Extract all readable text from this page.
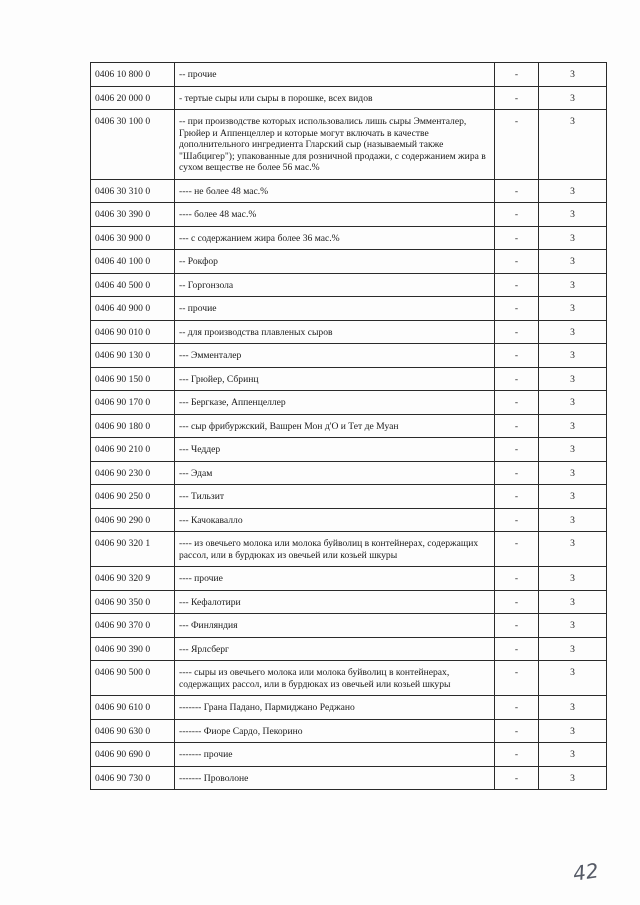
0406 10 800 0	-- прочие	-	3
0406 20 000 0	- тертые сыры или сыры в порошке, всех видов	-	3
0406 30 100 0	-- при производстве которых использовались лишь сыры Эмменталер, Грюйер и Аппенцеллер и которые могут включать в качестве дополнительного ингредиента Гларский сыр (называемый также "Шабцигер"); упакованные для розничной продажи, с содержанием жира в сухом веществе не более 56 мас.%	-	3
0406 30 310 0	---- не более 48 мас.%	-	3
0406 30 390 0	---- более 48 мас.%	-	3
0406 30 900 0	--- с содержанием жира более 36 мас.%	-	3
0406 40 100 0	-- Рокфор	-	3
0406 40 500 0	-- Горгонзола	-	3
0406 40 900 0	-- прочие	-	3
0406 90 010 0	-- для производства плавленых сыров	-	3
0406 90 130 0	--- Эмменталер	-	3
0406 90 150 0	--- Грюйер, Сбринц	-	3
0406 90 170 0	--- Бергказе, Аппенцеллер	-	3
0406 90 180 0	--- сыр фрибуржский, Вашрен Мон д'О и Тет де Муан	-	3
0406 90 210 0	--- Чеддер	-	3
0406 90 230 0	--- Эдам	-	3
0406 90 250 0	--- Тильзит	-	3
0406 90 290 0	--- Качокавалло	-	3
0406 90 320 1	---- из овечьего молока или молока буйволиц в контейнерах, содержащих рассол, или в бурдюках из овечьей или козьей шкуры	-	3
0406 90 320 9	---- прочие	-	3
0406 90 350 0	--- Кефалотири	-	3
0406 90 370 0	--- Финляндия	-	3
0406 90 390 0	--- Ярлсберг	-	3
0406 90 500 0	---- сыры из овечьего молока или молока буйволиц в контейнерах, содержащих рассол, или в бурдюках из овечьей или козьей шкуры	-	3
0406 90 610 0	------- Грана Падано, Пармиджано Реджано	-	3
0406 90 630 0	------- Фиоре Сардо, Пекорино	-	3
0406 90 690 0	------- прочие	-	3
0406 90 730 0	------- Проволоне	-	3
42
